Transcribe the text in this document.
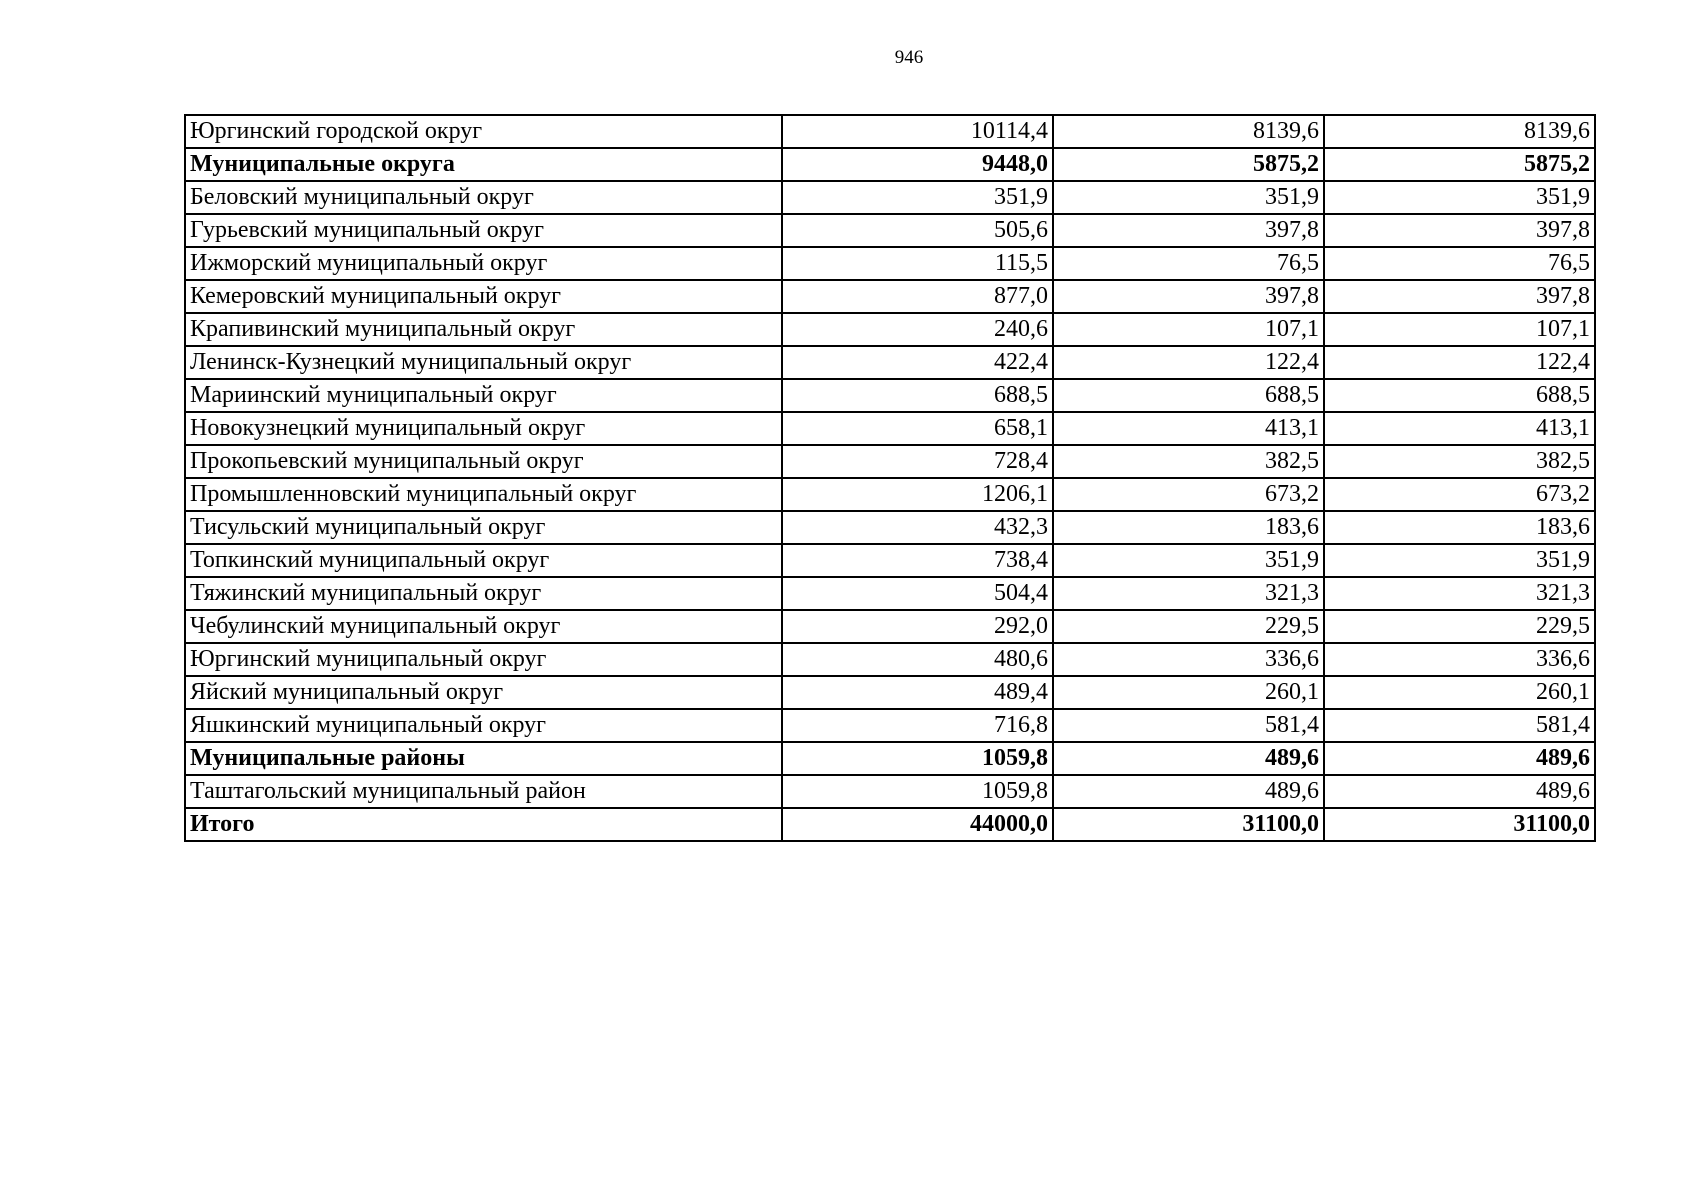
946
Юргинский городской округ	10114,4	8139,6	8139,6
Муниципальные округа	9448,0	5875,2	5875,2
Беловский муниципальный округ	351,9	351,9	351,9
Гурьевский муниципальный округ	505,6	397,8	397,8
Ижморский муниципальный округ	115,5	76,5	76,5
Кемеровский муниципальный округ	877,0	397,8	397,8
Крапивинский муниципальный округ	240,6	107,1	107,1
Ленинск-Кузнецкий муниципальный округ	422,4	122,4	122,4
Мариинский муниципальный округ	688,5	688,5	688,5
Новокузнецкий муниципальный округ	658,1	413,1	413,1
Прокопьевский муниципальный округ	728,4	382,5	382,5
Промышленновский муниципальный округ	1206,1	673,2	673,2
Тисульский муниципальный округ	432,3	183,6	183,6
Топкинский муниципальный округ	738,4	351,9	351,9
Тяжинский муниципальный округ	504,4	321,3	321,3
Чебулинский муниципальный округ	292,0	229,5	229,5
Юргинский муниципальный округ	480,6	336,6	336,6
Яйский муниципальный округ	489,4	260,1	260,1
Яшкинский муниципальный округ	716,8	581,4	581,4
Муниципальные районы	1059,8	489,6	489,6
Таштагольский муниципальный район	1059,8	489,6	489,6
Итого	44000,0	31100,0	31100,0
